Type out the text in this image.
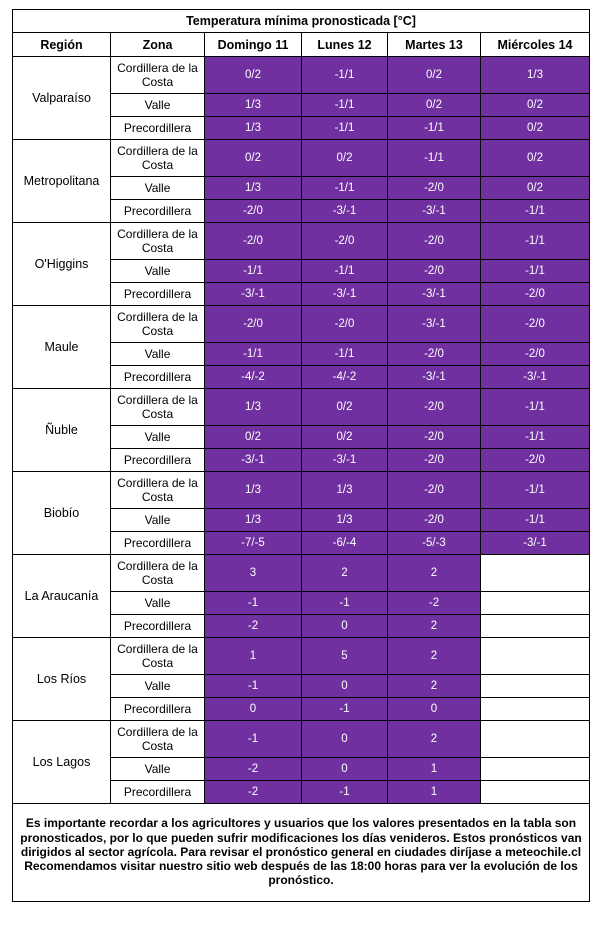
Temperatura mínima pronosticada [°C]					
Región	Zona	Domingo 11	Lunes 12	Martes 13	Miércoles 14
Valparaíso	Cordillera de la Costa	0/2	-1/1	0/2	1/3
	Valle	1/3	-1/1	0/2	0/2
	Precordillera	1/3	-1/1	-1/1	0/2
Metropolitana	Cordillera de la Costa	0/2	0/2	-1/1	0/2
	Valle	1/3	-1/1	-2/0	0/2
	Precordillera	-2/0	-3/-1	-3/-1	-1/1
O'Higgins	Cordillera de la Costa	-2/0	-2/0	-2/0	-1/1
	Valle	-1/1	-1/1	-2/0	-1/1
	Precordillera	-3/-1	-3/-1	-3/-1	-2/0
Maule	Cordillera de la Costa	-2/0	-2/0	-3/-1	-2/0
	Valle	-1/1	-1/1	-2/0	-2/0
	Precordillera	-4/-2	-4/-2	-3/-1	-3/-1
Ñuble	Cordillera de la Costa	1/3	0/2	-2/0	-1/1
	Valle	0/2	0/2	-2/0	-1/1
	Precordillera	-3/-1	-3/-1	-2/0	-2/0
Biobío	Cordillera de la Costa	1/3	1/3	-2/0	-1/1
	Valle	1/3	1/3	-2/0	-1/1
	Precordillera	-7/-5	-6/-4	-5/-3	-3/-1
La Araucanía	Cordillera de la Costa	3	2	2	
	Valle	-1	-1	-2	
	Precordillera	-2	0	2	
Los Ríos	Cordillera de la Costa	1	5	2	
	Valle	-1	0	2	
	Precordillera	0	-1	0	
Los Lagos	Cordillera de la Costa	-1	0	2	
	Valle	-2	0	1	
	Precordillera	-2	-1	1	

Es importante recordar a los agricultores y usuarios que los valores presentados en la tabla son pronosticados, por lo que pueden sufrir modificaciones los días venideros. Estos pronósticos van dirigidos al sector agrícola. Para revisar el pronóstico general en ciudades diríjase a meteochile.cl
Recomendamos visitar nuestro sitio web después de las 18:00 horas para ver la evolución de los pronóstico.					
